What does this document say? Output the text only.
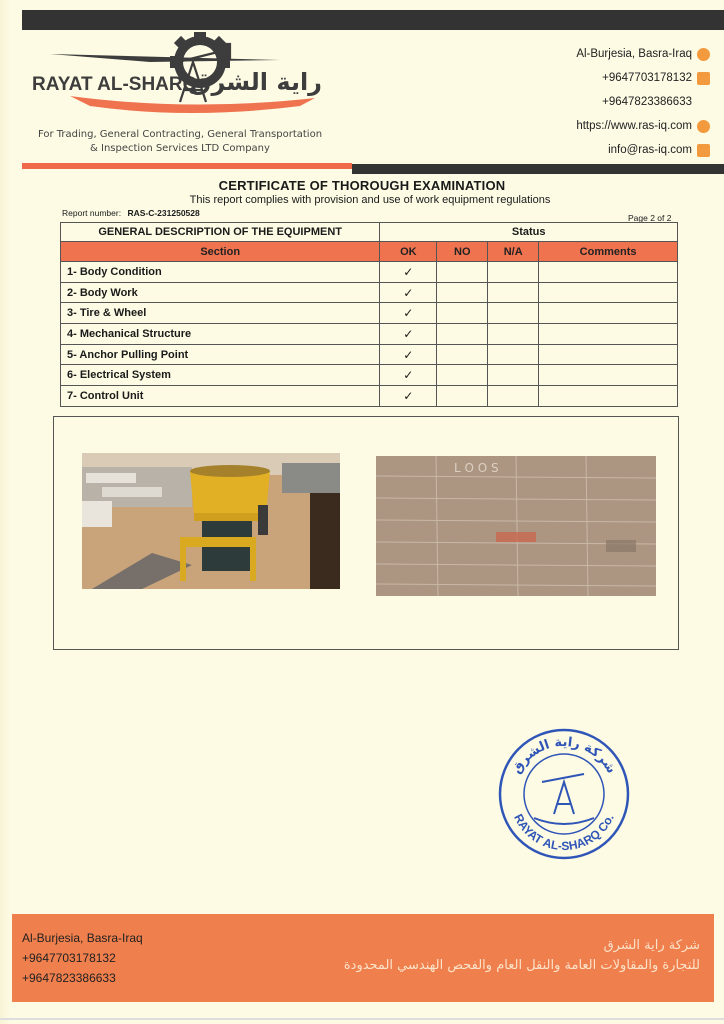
RAYAT AL-SHARQ
راية الشرق
For Trading, General Contracting, General Transportation
& Inspection Services LTD Company
Al-Burjesia, Basra-Iraq
+9647703178132
+9647823386633
https://www.ras-iq.com
info@ras-iq.com
CERTIFICATE OF THOROUGH EXAMINATION
This report complies with provision and use of work equipment regulations
Report number: RAS-C-231250528	Page 2 of 2
GENERAL DESCRIPTION OF THE EQUIPMENT	Status			
Section	OK	NO	N/A	Comments
1- Body Condition	✓			
2- Body Work	✓			
3- Tire & Wheel	✓			
4- Mechanical Structure	✓			
5- Anchor Pulling Point	✓			
6- Electrical System	✓			
7- Control Unit	✓			
L O O S
شركة راية الشرق
RAYAT AL-SHARQ Co.
Al-Burjesia, Basra-Iraq
+9647703178132
+9647823386633
شركة راية الشرق
للتجارة والمقاولات العامة والنقل العام والفحص الهندسي المحدودة
